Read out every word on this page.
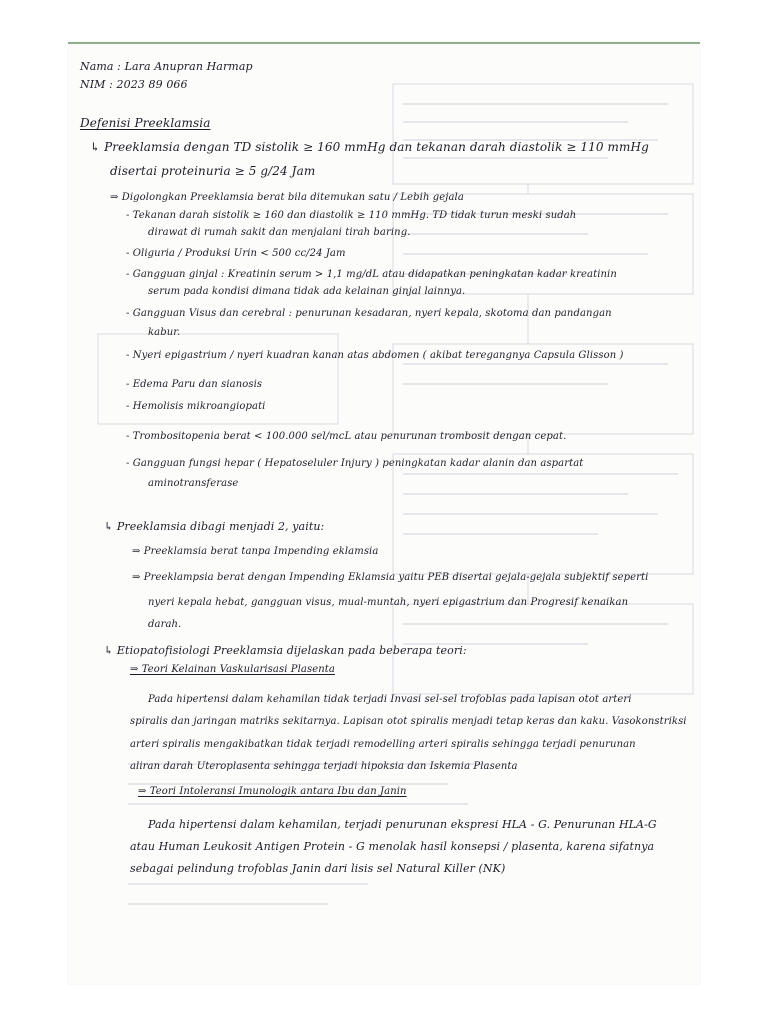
Nama : Lara Anupran Harmap
NIM : 2023 89 066
Defenisi Preeklamsia
↳ Preeklamsia dengan TD sistolik ≥ 160 mmHg dan tekanan darah diastolik ≥ 110 mmHg
disertai proteinuria ≥ 5 g/24 Jam
⇒ Digolongkan Preeklamsia berat bila ditemukan satu / Lebih gejala
- Tekanan darah sistolik ≥ 160 dan diastolik ≥ 110 mmHg. TD tidak turun meski sudah
dirawat di rumah sakit dan menjalani tirah baring.
- Oliguria / Produksi Urin < 500 cc/24 Jam
- Gangguan ginjal : Kreatinin serum > 1,1 mg/dL atau didapatkan peningkatan kadar kreatinin
serum pada kondisi dimana tidak ada kelainan ginjal lainnya.
- Gangguan Visus dan cerebral : penurunan kesadaran, nyeri kepala, skotoma dan pandangan
kabur.
- Nyeri epigastrium / nyeri kuadran kanan atas abdomen ( akibat teregangnya Capsula Glisson )
- Edema Paru dan sianosis
- Hemolisis mikroangiopati
- Trombositopenia berat < 100.000 sel/mcL atau penurunan trombosit dengan cepat.
- Gangguan fungsi hepar ( Hepatoseluler Injury ) peningkatan kadar alanin dan aspartat
aminotransferase
↳ Preeklamsia dibagi menjadi 2, yaitu:
⇒ Preeklamsia berat tanpa Impending eklamsia
⇒ Preeklampsia berat dengan Impending Eklamsia yaitu PEB disertai gejala-gejala subjektif seperti
nyeri kepala hebat, gangguan visus, mual-muntah, nyeri epigastrium dan Progresif kenaikan
darah.
↳ Etiopatofisiologi Preeklamsia dijelaskan pada beberapa teori:
⇒ Teori Kelainan Vaskularisasi Plasenta
Pada hipertensi dalam kehamilan tidak terjadi Invasi sel-sel trofoblas pada lapisan otot arteri
spiralis dan jaringan matriks sekitarnya. Lapisan otot spiralis menjadi tetap keras dan kaku. Vasokonstriksi
arteri spiralis mengakibatkan tidak terjadi remodelling arteri spiralis sehingga terjadi penurunan
aliran darah Uteroplasenta sehingga terjadi hipoksia dan Iskemia Plasenta
⇒ Teori Intoleransi Imunologik antara Ibu dan Janin
Pada hipertensi dalam kehamilan, terjadi penurunan ekspresi HLA - G. Penurunan HLA-G
atau Human Leukosit Antigen Protein - G menolak hasil konsepsi / plasenta, karena sifatnya
sebagai pelindung trofoblas Janin dari lisis sel Natural Killer (NK)
